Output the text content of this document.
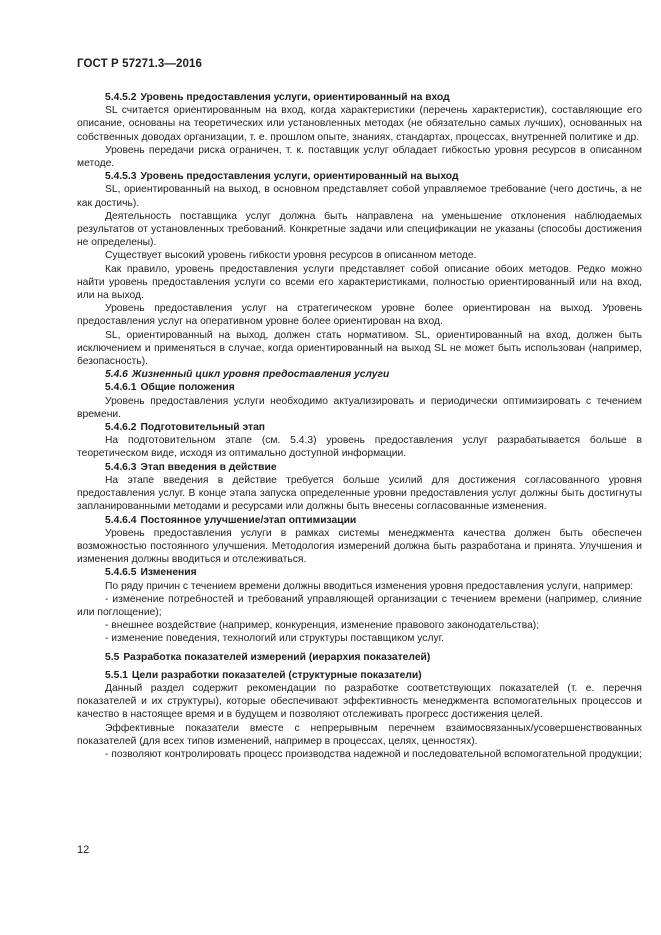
ГОСТ Р 57271.3—2016
5.4.5.2 Уровень предоставления услуги, ориентированный на вход

SL считается ориентированным на вход, когда характеристики (перечень характеристик), составляющие его описание, основаны на теоретических или установленных методах (не обязательно самых лучших), основанных на собственных доводах организации, т. е. прошлом опыте, знаниях, стандартах, процессах, внутренней политике и др.

Уровень передачи риска ограничен, т. к. поставщик услуг обладает гибкостью уровня ресурсов в описанном методе.

5.4.5.3 Уровень предоставления услуги, ориентированный на выход

SL, ориентированный на выход, в основном представляет собой управляемое требование (чего достичь, а не как достичь).

Деятельность поставщика услуг должна быть направлена на уменьшение отклонения наблюдаемых результатов от установленных требований. Конкретные задачи или спецификации не указаны (способы достижения не определены).

Существует высокий уровень гибкости уровня ресурсов в описанном методе.

Как правило, уровень предоставления услуги представляет собой описание обоих методов. Редко можно найти уровень предоставления услуги со всеми его характеристиками, полностью ориентированный или на вход, или на выход.

Уровень предоставления услуг на стратегическом уровне более ориентирован на выход. Уровень предоставления услуг на оперативном уровне более ориентирован на вход.

SL, ориентированный на выход, должен стать нормативом. SL, ориентированный на вход, должен быть исключением и применяться в случае, когда ориентированный на выход SL не может быть использован (например, безопасность).

5.4.6 Жизненный цикл уровня предоставления услуги
5.4.6.1 Общие положения

Уровень предоставления услуги необходимо актуализировать и периодически оптимизировать с течением времени.

5.4.6.2 Подготовительный этап

На подготовительном этапе (см. 5.4.3) уровень предоставления услуг разрабатывается больше в теоретическом виде, исходя из оптимально доступной информации.

5.4.6.3 Этап введения в действие

На этапе введения в действие требуется больше усилий для достижения согласованного уровня предоставления услуг. В конце этапа запуска определенные уровни предоставления услуг должны быть достигнуты запланированными методами и ресурсами или должны быть внесены согласованные изменения.

5.4.6.4 Постоянное улучшение/этап оптимизации

Уровень предоставления услуги в рамках системы менеджмента качества должен быть обеспечен возможностью постоянного улучшения. Методология измерений должна быть разработана и принята. Улучшения и изменения должны вводиться и отслеживаться.

5.4.6.5 Изменения

По ряду причин с течением времени должны вводиться изменения уровня предоставления услуги, например:

- изменение потребностей и требований управляющей организации с течением времени (например, слияние или поглощение);

- внешнее воздействие (например, конкуренция, изменение правового законодательства);

- изменение поведения, технологий или структуры поставщиком услуг.

5.5 Разработка показателей измерений (иерархия показателей)
5.5.1 Цели разработки показателей (структурные показатели)

Данный раздел содержит рекомендации по разработке соответствующих показателей (т. е. перечня показателей и их структуры), которые обеспечивают эффективность менеджмента вспомогательных процессов и качество в настоящее время и в будущем и позволяют отслеживать прогресс достижения целей.

Эффективные показатели вместе с непрерывным перечнем взаимосвязанных/усовершенствованных показателей (для всех типов изменений, например в процессах, целях, ценностях).

- позволяют контролировать процесс производства надежной и последовательной вспомогательной продукции;

12
